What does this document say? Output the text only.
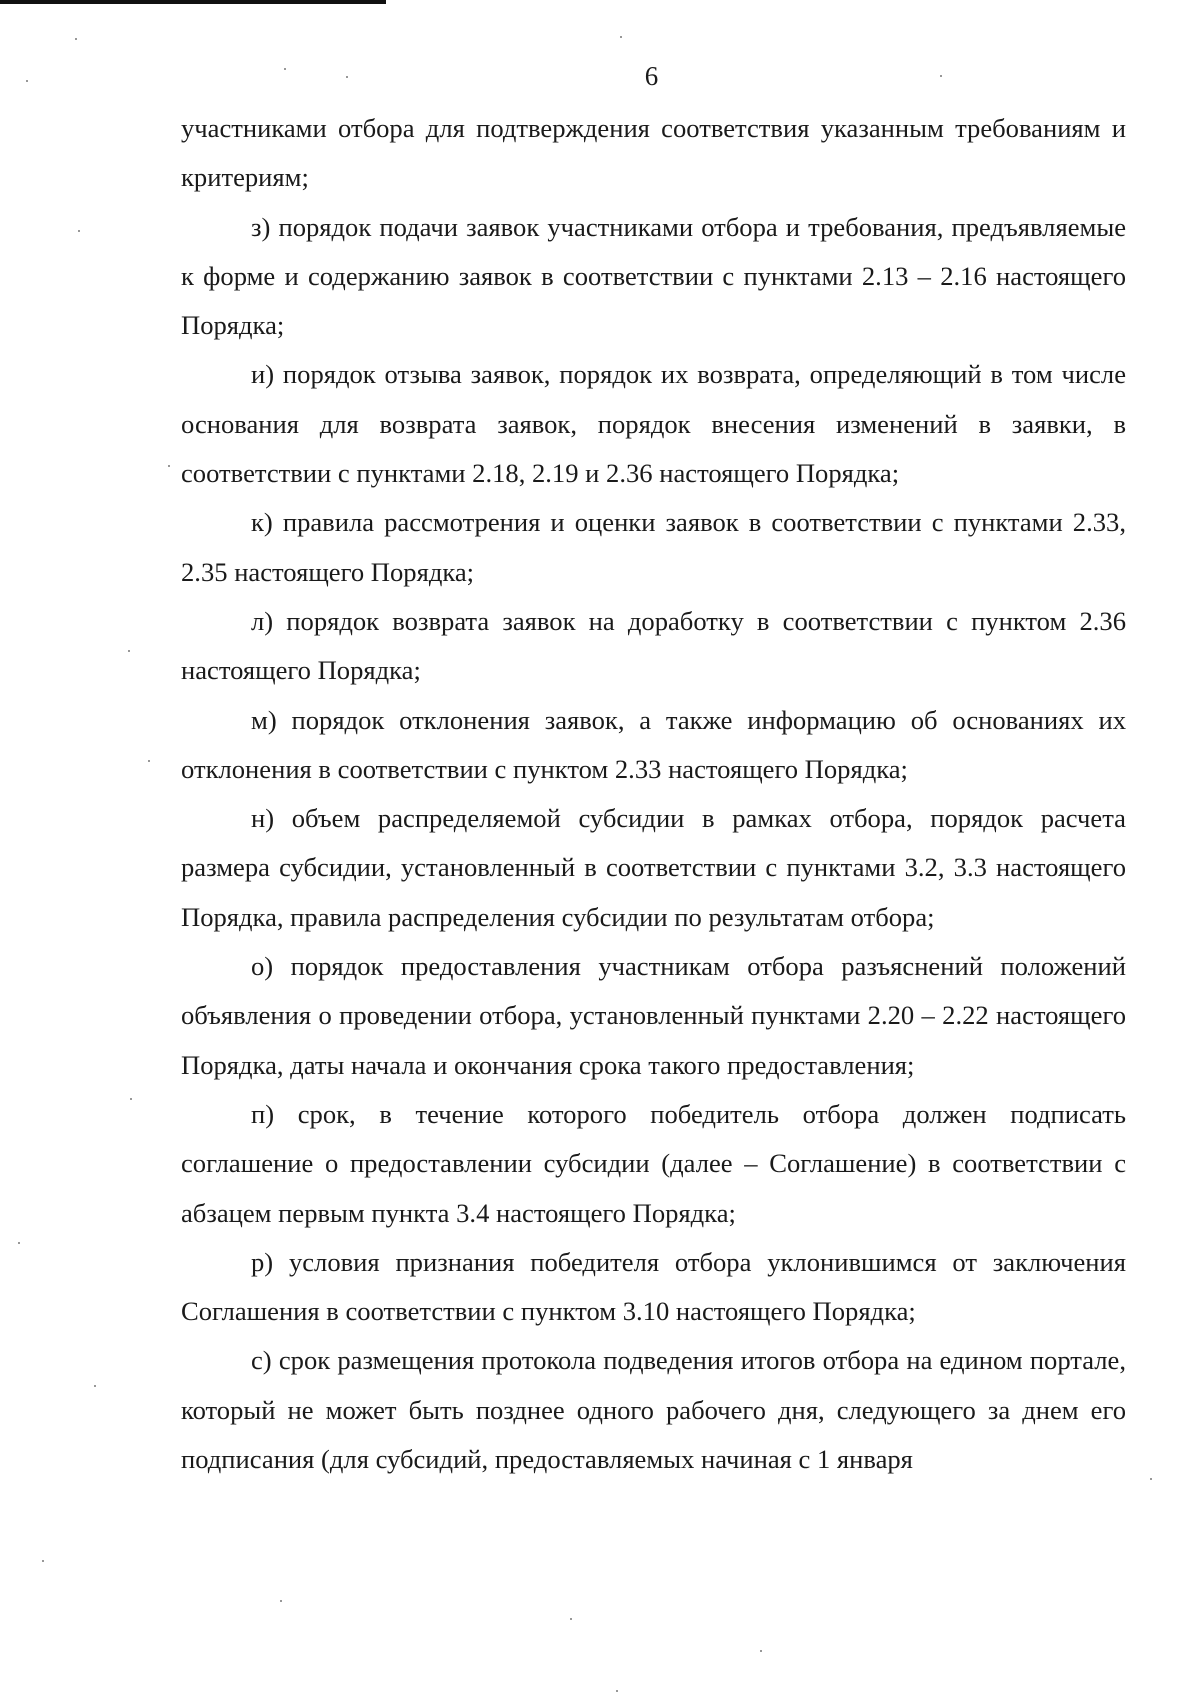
6

участниками отбора для подтверждения соответствия указанным требованиям и критериям;

з) порядок подачи заявок участниками отбора и требования, предъявляемые к форме и содержанию заявок в соответствии с пунктами 2.13 – 2.16 настоящего Порядка;

и) порядок отзыва заявок, порядок их возврата, определяющий в том числе основания для возврата заявок, порядок внесения изменений в заявки, в соответствии с пунктами 2.18, 2.19 и 2.36 настоящего Порядка;

к) правила рассмотрения и оценки заявок в соответствии с пунктами 2.33, 2.35 настоящего Порядка;

л) порядок возврата заявок на доработку в соответствии с пунктом 2.36 настоящего Порядка;

м) порядок отклонения заявок, а также информацию об основаниях их отклонения в соответствии с пунктом 2.33 настоящего Порядка;

н) объем распределяемой субсидии в рамках отбора, порядок расчета размера субсидии, установленный в соответствии с пунктами 3.2, 3.3 настоящего Порядка, правила распределения субсидии по результатам отбора;

о) порядок предоставления участникам отбора разъяснений положений объявления о проведении отбора, установленный пунктами 2.20 – 2.22 настоящего Порядка, даты начала и окончания срока такого предоставления;

п) срок, в течение которого победитель отбора должен подписать соглашение о предоставлении субсидии (далее – Соглашение) в соответствии с абзацем первым пункта 3.4 настоящего Порядка;

р) условия признания победителя отбора уклонившимся от заключения Соглашения в соответствии с пунктом 3.10 настоящего Порядка;

с) срок размещения протокола подведения итогов отбора на едином портале, который не может быть позднее одного рабочего дня, следующего за днем его подписания (для субсидий, предоставляемых начиная с 1 января
